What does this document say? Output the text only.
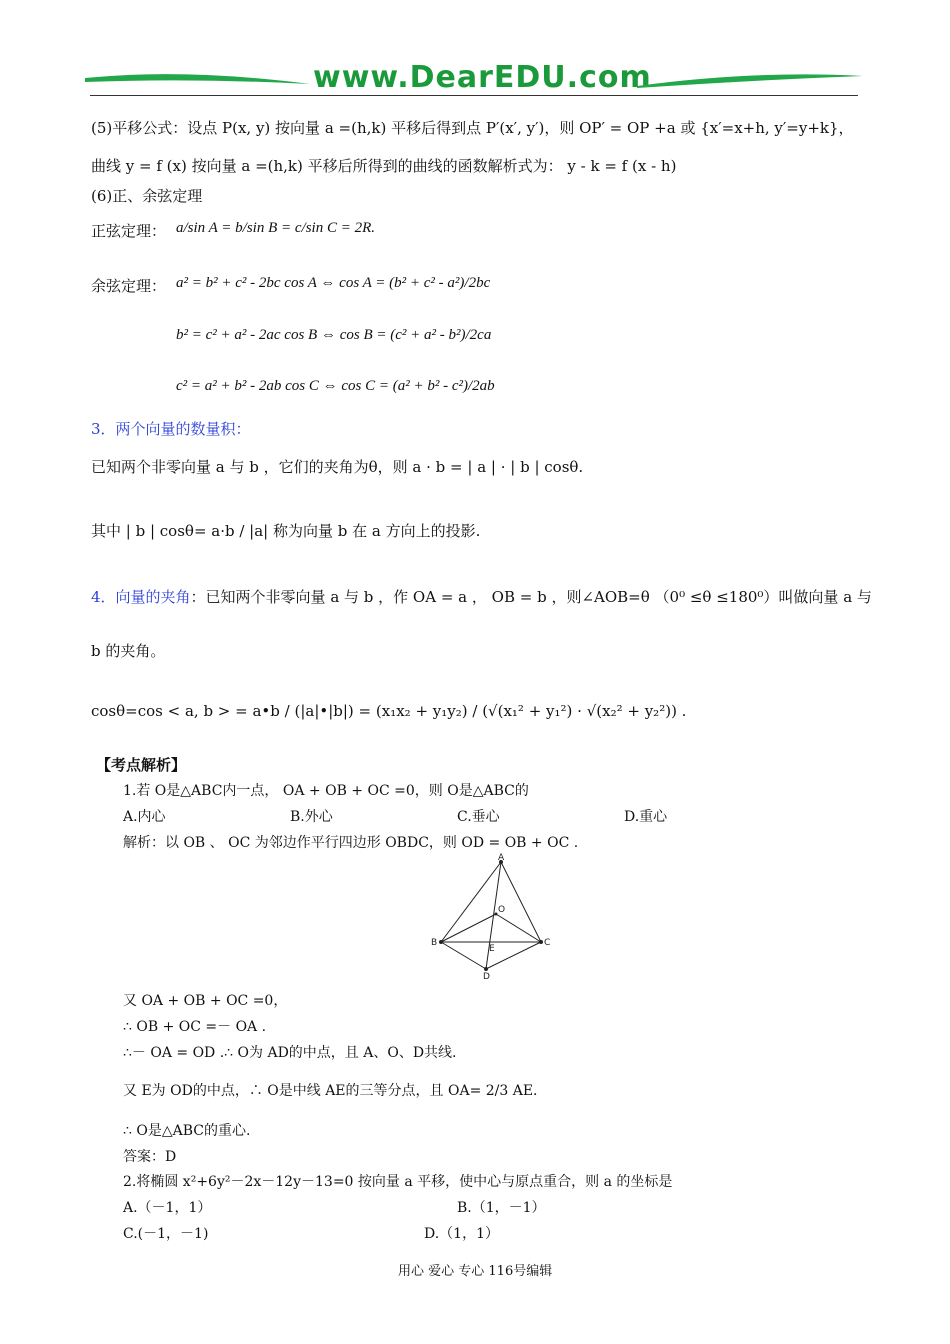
www.DearEDU.com
(5)平移公式：设点 P(x, y) 按向量 a =(h,k) 平移后得到点 P′(x′, y′)，则 OP′ = OP +a 或 {x′=x+h, y′=y+k}，
曲线 y = f (x) 按向量 a =(h,k) 平移后所得到的曲线的函数解析式为： y - k = f (x - h)
(6)正、余弦定理
正弦定理： a/sin A = b/sin B = c/sin C = 2R.
余弦定理： a² = b² + c² - 2bc cos A ⇔ cos A = (b² + c² - a²)/2bc
b² = c² + a² - 2ac cos B ⇔ cos B = (c² + a² - b²)/2ca
c² = a² + b² - 2ab cos C ⇔ cos C = (a² + b² - c²)/2ab
3．两个向量的数量积：
已知两个非零向量 a 与 b ，它们的夹角为θ，则 a · b = | a | · | b | cosθ.
其中 | b | cosθ= a·b / |a| 称为向量 b 在 a 方向上的投影.
4．向量的夹角：已知两个非零向量 a 与 b ，作 OA = a ， OB = b ，则∠AOB=θ （0⁰ ≤θ ≤180⁰）叫做向量 a 与
b 的夹角。
cosθ=cos < a, b > = a•b / (|a|•|b|) = (x₁x₂ + y₁y₂) / (√(x₁² + y₁²) · √(x₂² + y₂²)) .
【考点解析】
1.若 O是△ABC内一点， OA + OB + OC =0，则 O是△ABC的
A.内心	B.外心	C.垂心	D.重心
解析：以 OB 、 OC 为邻边作平行四边形 OBDC，则 OD = OB + OC .
A
O
B
E
C
D
又 OA + OB + OC =0，
∴ OB + OC =－ OA .
∴－ OA = OD .∴ O为 AD的中点，且 A、O、D共线.
又 E为 OD的中点，∴ O是中线 AE的三等分点，且 OA= 2/3 AE.
∴ O是△ABC的重心.
答案：D
2.将椭圆 x²+6y²－2x－12y－13=0 按向量 a 平移，使中心与原点重合，则 a 的坐标是
A.（－1，1）	B.（1，－1）
C.(－1，－1)	D.（1，1）
用心 爱心 专心 116号编辑
